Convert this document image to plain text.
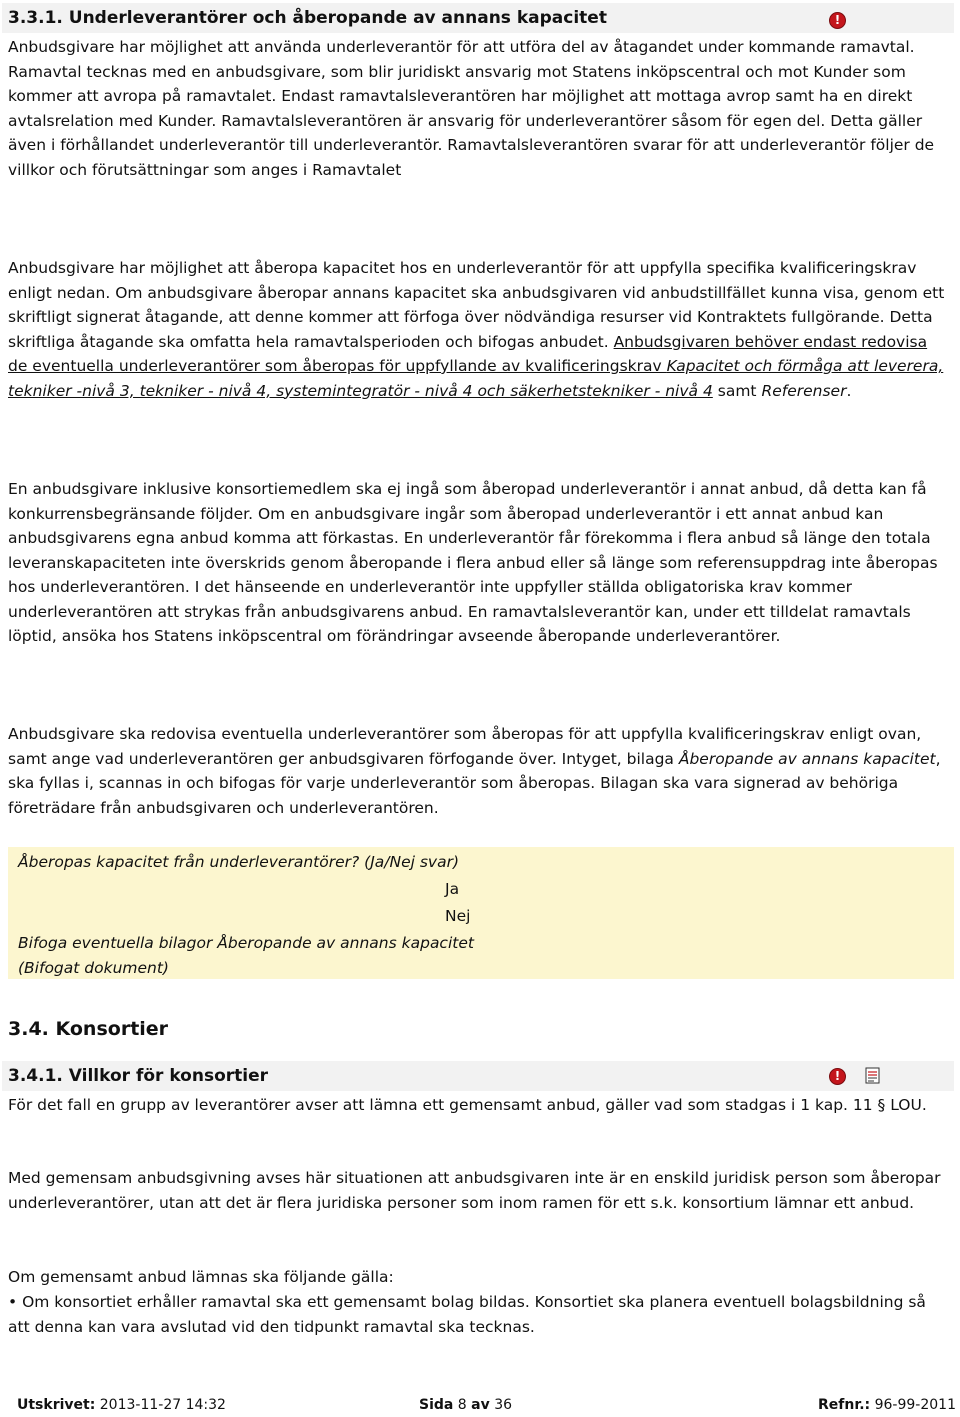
3.3.1. Underleverantörer och åberopande av annans kapacitet	!

Anbudsgivare har möjlighet att använda underleverantör för att utföra del av åtagandet under kommande ramavtal. Ramavtal tecknas med en anbudsgivare, som blir juridiskt ansvarig mot Statens inköpscentral och mot Kunder som kommer att avropa på ramavtalet. Endast ramavtalsleverantören har möjlighet att mottaga avrop samt ha en direkt avtalsrelation med Kunder. Ramavtalsleverantören är ansvarig för underleverantörer såsom för egen del. Detta gäller även i förhållandet underleverantör till underleverantör. Ramavtalsleverantören svarar för att underleverantör följer de villkor och förutsättningar som anges i Ramavtalet

Anbudsgivare har möjlighet att åberopa kapacitet hos en underleverantör för att uppfylla specifika kvalificeringskrav enligt nedan. Om anbudsgivare åberopar annans kapacitet ska anbudsgivaren vid anbudstillfället kunna visa, genom ett skriftligt signerat åtagande, att denne kommer att förfoga över nödvändiga resurser vid Kontraktets fullgörande. Detta skriftliga åtagande ska omfatta hela ramavtalsperioden och bifogas anbudet. Anbudsgivaren behöver endast redovisa de eventuella underleverantörer som åberopas för uppfyllande av kvalificeringskrav Kapacitet och förmåga att leverera, tekniker -nivå 3, tekniker - nivå 4, systemintegratör - nivå 4 och säkerhetstekniker - nivå 4 samt Referenser.

En anbudsgivare inklusive konsortiemedlem ska ej ingå som åberopad underleverantör i annat anbud, då detta kan få konkurrensbegränsande följder. Om en anbudsgivare ingår som åberopad underleverantör i ett annat anbud kan anbudsgivarens egna anbud komma att förkastas. En underleverantör får förekomma i flera anbud så länge den totala leveranskapaciteten inte överskrids genom åberopande i flera anbud eller så länge som referensuppdrag inte åberopas hos underleverantören. I det hänseende en underleverantör inte uppfyller ställda obligatoriska krav kommer underleverantören att strykas från anbudsgivarens anbud. En ramavtalsleverantör kan, under ett tilldelat ramavtals löptid, ansöka hos Statens inköpscentral om förändringar avseende åberopande underleverantörer.

Anbudsgivare ska redovisa eventuella underleverantörer som åberopas för att uppfylla kvalificeringskrav enligt ovan, samt ange vad underleverantören ger anbudsgivaren förfogande över. Intyget, bilaga Åberopande av annans kapacitet, ska fyllas i, scannas in och bifogas för varje underleverantör som åberopas. Bilagan ska vara signerad av behöriga företrädare från anbudsgivaren och underleverantören.

Åberopas kapacitet från underleverantörer? (Ja/Nej svar)
Ja
Nej
Bifoga eventuella bilagor Åberopande av annans kapacitet
(Bifogat dokument)
3.4. Konsortier
3.4.1. Villkor för konsortier	!

För det fall en grupp av leverantörer avser att lämna ett gemensamt anbud, gäller vad som stadgas i 1 kap. 11 § LOU.

Med gemensam anbudsgivning avses här situationen att anbudsgivaren inte är en enskild juridisk person som åberopar underleverantörer, utan att det är flera juridiska personer som inom ramen för ett s.k. konsortium lämnar ett anbud.

Om gemensamt anbud lämnas ska följande gälla:

• Om konsortiet erhåller ramavtal ska ett gemensamt bolag bildas. Konsortiet ska planera eventuell bolagsbildning så att denna kan vara avslutad vid den tidpunkt ramavtal ska tecknas.

Utskrivet: 2013-11-27 14:32	Sida 8 av 36	Refnr.: 96-99-2011
